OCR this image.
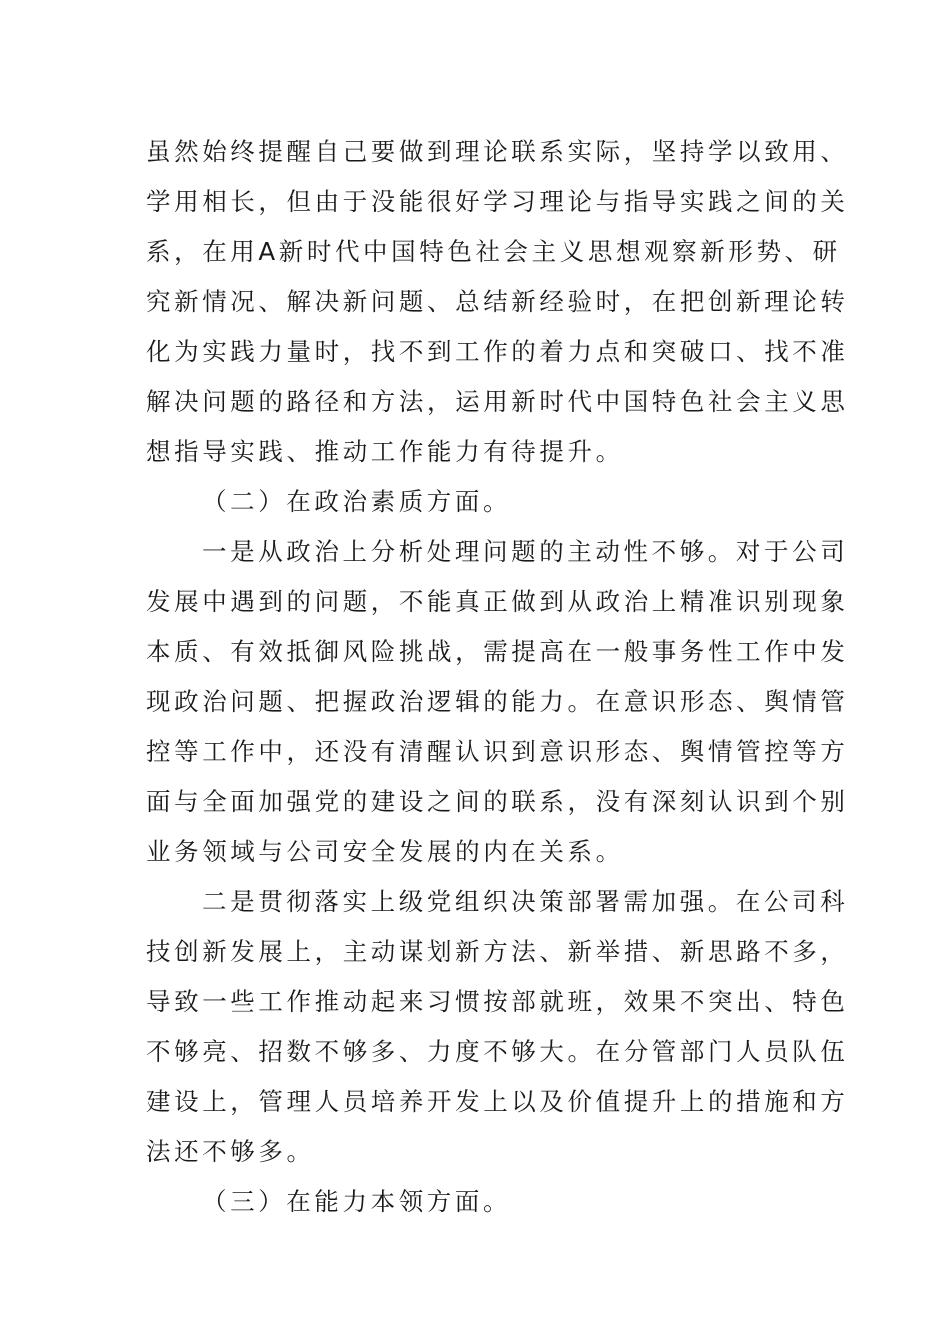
虽然始终提醒自己要做到理论联系实际，坚持学以致用、
学用相长，但由于没能很好学习理论与指导实践之间的关
系，在用A新时代中国特色社会主义思想观察新形势、研
究新情况、解决新问题、总结新经验时，在把创新理论转
化为实践力量时，找不到工作的着力点和突破口、找不准
解决问题的路径和方法，运用新时代中国特色社会主义思
想指导实践、推动工作能力有待提升。
（二）在政治素质方面。
一是从政治上分析处理问题的主动性不够。对于公司
发展中遇到的问题，不能真正做到从政治上精准识别现象
本质、有效抵御风险挑战，需提高在一般事务性工作中发
现政治问题、把握政治逻辑的能力。在意识形态、舆情管
控等工作中，还没有清醒认识到意识形态、舆情管控等方
面与全面加强党的建设之间的联系，没有深刻认识到个别
业务领域与公司安全发展的内在关系。
二是贯彻落实上级党组织决策部署需加强。在公司科
技创新发展上，主动谋划新方法、新举措、新思路不多，
导致一些工作推动起来习惯按部就班，效果不突出、特色
不够亮、招数不够多、力度不够大。在分管部门人员队伍
建设上，管理人员培养开发上以及价值提升上的措施和方
法还不够多。
（三）在能力本领方面。
